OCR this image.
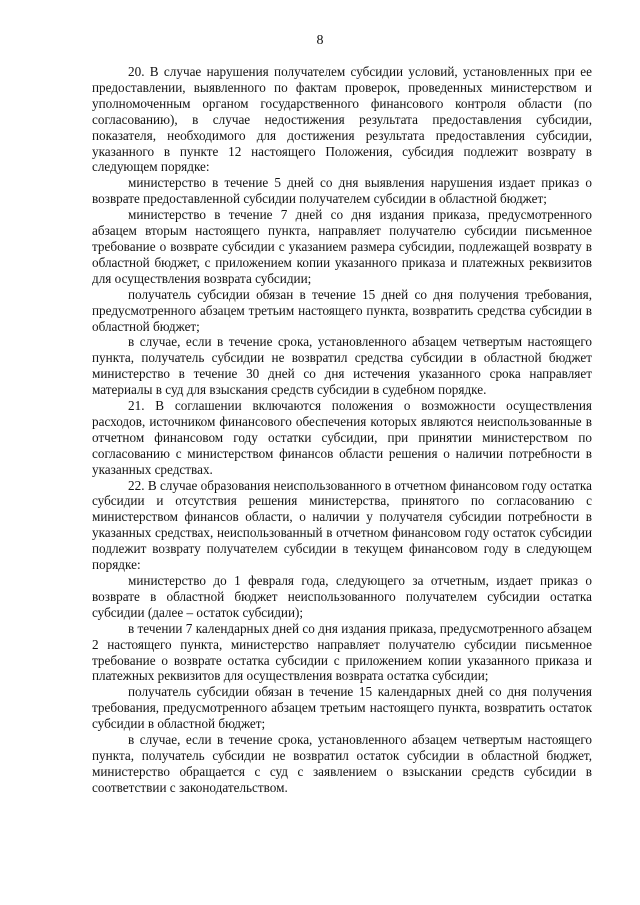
8

20. В случае нарушения получателем субсидии условий, установленных при ее предоставлении, выявленного по фактам проверок, проведенных министерством и уполномоченным органом государственного финансового контроля области (по согласованию), в случае недостижения результата предоставления субсидии, показателя, необходимого для достижения результата предоставления субсидии, указанного в пункте 12 настоящего Положения, субсидия подлежит возврату в следующем порядке:

министерство в течение 5 дней со дня выявления нарушения издает приказ о возврате предоставленной субсидии получателем субсидии в областной бюджет;

министерство в течение 7 дней со дня издания приказа, предусмотренного абзацем вторым настоящего пункта, направляет получателю субсидии письменное требование о возврате субсидии с указанием размера субсидии, подлежащей возврату в областной бюджет, с приложением копии указанного приказа и платежных реквизитов для осуществления возврата субсидии;

получатель субсидии обязан в течение 15 дней со дня получения требования, предусмотренного абзацем третьим настоящего пункта, возвратить средства субсидии в областной бюджет;

в случае, если в течение срока, установленного абзацем четвертым настоящего пункта, получатель субсидии не возвратил средства субсидии в областной бюджет министерство в течение 30 дней со дня истечения указанного срока направляет материалы в суд для взыскания средств субсидии в судебном порядке.

21. В соглашении включаются положения о возможности осуществления расходов, источником финансового обеспечения которых являются неиспользованные в отчетном финансовом году остатки субсидии, при принятии министерством по согласованию с министерством финансов области решения о наличии потребности в указанных средствах.

22. В случае образования неиспользованного в отчетном финансовом году остатка субсидии и отсутствия решения министерства, принятого по согласованию с министерством финансов области, о наличии у получателя субсидии потребности в указанных средствах, неиспользованный в отчетном финансовом году остаток субсидии подлежит возврату получателем субсидии в текущем финансовом году в следующем порядке:

министерство до 1 февраля года, следующего за отчетным, издает приказ о возврате в областной бюджет неиспользованного получателем субсидии остатка субсидии (далее – остаток субсидии);

в течении 7 календарных дней со дня издания приказа, предусмотренного абзацем 2 настоящего пункта, министерство направляет получателю субсидии письменное требование о возврате остатка субсидии с приложением копии указанного приказа и платежных реквизитов для осуществления возврата остатка субсидии;

получатель субсидии обязан в течение 15 календарных дней со дня получения требования, предусмотренного абзацем третьим настоящего пункта, возвратить остаток субсидии в областной бюджет;

в случае, если в течение срока, установленного абзацем четвертым настоящего пункта, получатель субсидии не возвратил остаток субсидии в областной бюджет, министерство обращается с суд с заявлением о взыскании средств субсидии в соответствии с законодательством.
